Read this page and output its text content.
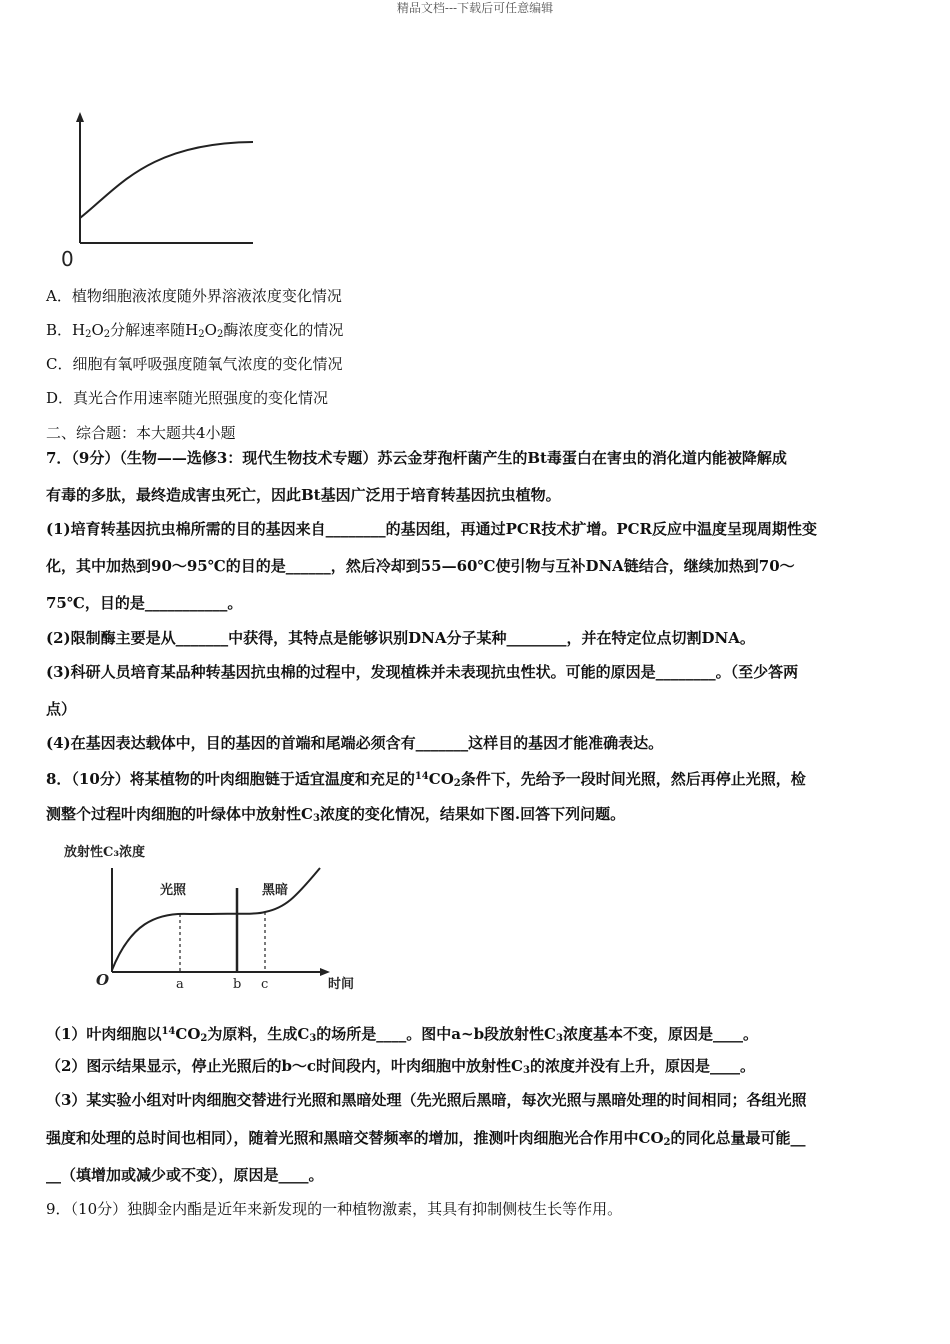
精品文档---下载后可任意编辑
0
A．植物细胞液浓度随外界溶液浓度变化情况
B．$H_2O_2$分解速率随$H_2O_2$酶浓度变化的情况
C．细胞有氧呼吸强度随氧气浓度的变化情况
D．真光合作用速率随光照强度的变化情况
二、综合题：本大题共4小题
7．（9分）（生物——选修3：现代生物技术专题）苏云金芽孢杆菌产生的Bt毒蛋白在害虫的消化道内能被降解成
有毒的多肽，最终造成害虫死亡，因此Bt基因广泛用于培育转基因抗虫植物。
(1)培育转基因抗虫棉所需的目的基因来自________的基因组，再通过PCR技术扩增。PCR反应中温度呈现周期性变
化，其中加热到90～95℃的目的是______，然后冷却到55—60℃使引物与互补DNA链结合，继续加热到70～
75℃，目的是___________。
(2)限制酶主要是从_______中获得，其特点是能够识别DNA分子某种________，并在特定位点切割DNA。
(3)科研人员培育某品种转基因抗虫棉的过程中，发现植株并未表现抗虫性状。可能的原因是________。（至少答两
点）
(4)在基因表达载体中，目的基因的首端和尾端必须含有_______这样目的基因才能准确表达。
8．（10分）将某植物的叶肉细胞链于适宜温度和充足的$^{14}CO_2$条件下，先给予一段时间光照，然后再停止光照，检
测整个过程叶肉细胞的叶绿体中放射性$C_3$浓度的变化情况，结果如下图.回答下列问题。
放射性C₃浓度
光照	黑暗
O	a	b c	时间
（1）叶肉细胞以$^{14}CO_2$为原料，生成$C_3$的场所是____。图中a~b段放射性$C_3$浓度基本不变，原因是____。
（2）图示结果显示，停止光照后的b～c时间段内，叶肉细胞中放射性$C_3$的浓度并没有上升，原因是____。
（3）某实验小组对叶肉细胞交替进行光照和黑暗处理（先光照后黑暗，每次光照与黑暗处理的时间相同；各组光照
强度和处理的总时间也相同），随着光照和黑暗交替频率的增加，推测叶肉细胞光合作用中$CO_2$的同化总量最可能__
__（填增加或减少或不变），原因是____。
9．（10分）独脚金内酯是近年来新发现的一种植物激素，其具有抑制侧枝生长等作用。
